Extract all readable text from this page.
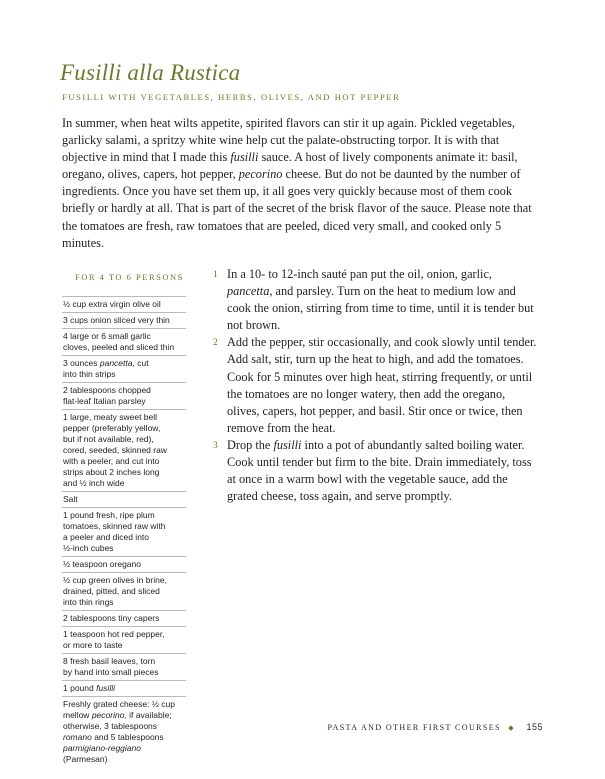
Fusilli alla Rustica
FUSILLI WITH VEGETABLES, HERBS, OLIVES, AND HOT PEPPER

In summer, when heat wilts appetite, spirited flavors can stir it up again. Pickled vegetables, garlicky salami, a spritzy white wine help cut the palate-obstructing torpor. It is with that objective in mind that I made this fusilli sauce. A host of lively components animate it: basil, oregano, olives, capers, hot pepper, pecorino cheese. But do not be daunted by the number of ingredients. Once you have set them up, it all goes very quickly because most of them cook briefly or hardly at all. That is part of the secret of the brisk flavor of the sauce. Please note that the tomatoes are fresh, raw tomatoes that are peeled, diced very small, and cooked only 5 minutes.

FOR 4 TO 6 PERSONS
½ cup extra virgin olive oil
3 cups onion sliced very thin
4 large or 6 small garlic
cloves, peeled and sliced thin
3 ounces pancetta, cut
into thin strips
2 tablespoons chopped
flat-leaf Italian parsley
1 large, meaty sweet bell
pepper (preferably yellow,
but if not available, red),
cored, seeded, skinned raw
with a peeler, and cut into
strips about 2 inches long
and ½ inch wide
Salt
1 pound fresh, ripe plum
tomatoes, skinned raw with
a peeler and diced into
½-inch cubes
½ teaspoon oregano
½ cup green olives in brine,
drained, pitted, and sliced
into thin rings
2 tablespoons tiny capers
1 teaspoon hot red pepper,
or more to taste
8 fresh basil leaves, torn
by hand into small pieces
1 pound fusilli
Freshly grated cheese: ½ cup
mellow pecorino, if available;
otherwise, 3 tablespoons
romano and 5 tablespoons
parmigiano-reggiano
(Parmesan)
1 In a 10- to 12-inch sauté pan put the oil, onion, garlic, pancetta, and parsley. Turn on the heat to medium low and cook the onion, stirring from time to time, until it is tender but not brown.
2 Add the pepper, stir occasionally, and cook slowly until tender. Add salt, stir, turn up the heat to high, and add the tomatoes. Cook for 5 minutes over high heat, stirring frequently, or until the tomatoes are no longer watery, then add the oregano, olives, capers, hot pepper, and basil. Stir once or twice, then remove from the heat.
3 Drop the fusilli into a pot of abundantly salted boiling water. Cook until tender but firm to the bite. Drain immediately, toss at once in a warm bowl with the vegetable sauce, add the grated cheese, toss again, and serve promptly.
PASTA AND OTHER FIRST COURSES ◆ 155
